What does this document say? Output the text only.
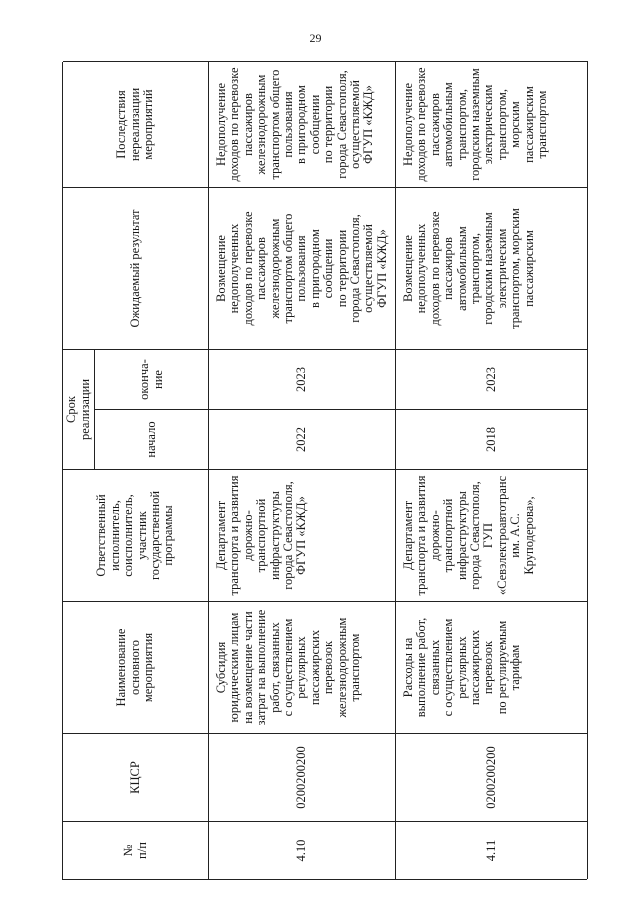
29
№
п/п
КЦСР
Наименование
основного
мероприятия
Ответственный
исполнитель,
соисполнитель,
участник
государственной
программы
Срок
реализации	начало
оконча-
ние
Ожидаемый результат
Последствия
нереализации
мероприятий
4.10
0200200200
Субсидия
юридическим лицам
на возмещение части
затрат на выполнение
работ, связанных
с осуществлением
регулярных
пассажирских
перевозок
железнодорожным
транспортом
Департамент
транспорта и развития
дорожно-
транспортной
инфраструктуры
города Севастополя,
ФГУП «КЖД»
2022
2023
Возмещение
недополученных
доходов по перевозке
пассажиров
железнодорожным
транспортом общего
пользования
в пригородном
сообщении
по территории
города Севастополя,
осуществляемой
ФГУП «КЖД»
Недополучение
доходов по перевозке
пассажиров
железнодорожным
транспортом общего
пользования
в пригородном
сообщении
по территории
города Севастополя,
осуществляемой
ФГУП «КЖД»
4.11
0200200200
Расходы на
выполнение работ,
связанных
с осуществлением
регулярных
пассажирских
перевозок
по регулируемым
тарифам
Департамент
транспорта и развития
дорожно-
транспортной
инфраструктуры
города Севастополя,
ГУП
«Севэлектроавтотранс
им. А.С. Круподерова»,
2018
2023
Возмещение
недополученных
доходов по перевозке
пассажиров
автомобильным
транспортом,
городским наземным
электрическим
транспортом, морским
пассажирским
Недополучение
доходов по перевозке
пассажиров
автомобильным
транспортом,
городским наземным
электрическим
транспортом, морским
пассажирским
транспортом
